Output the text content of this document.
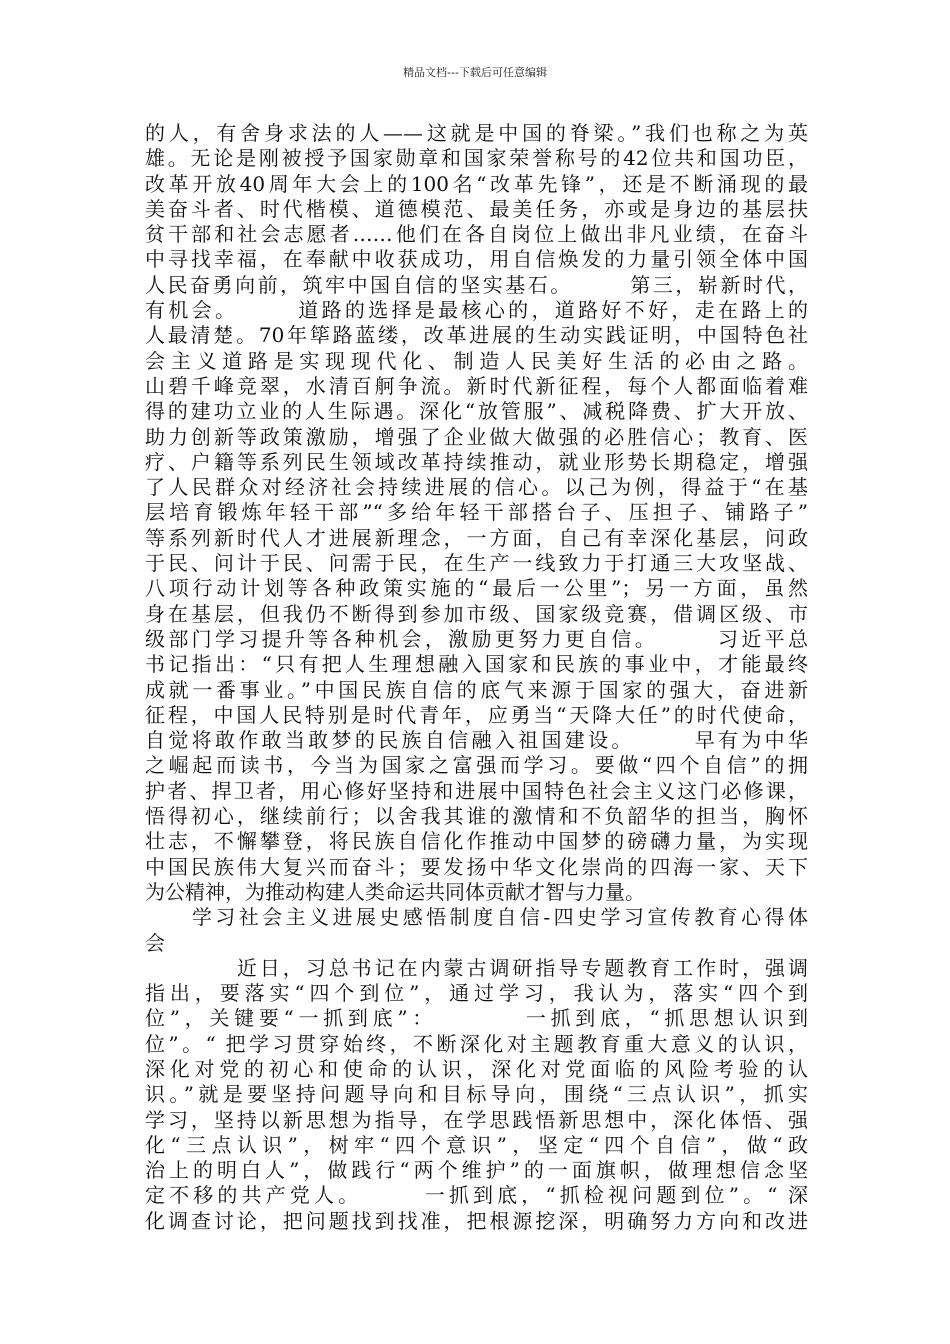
精品文档---下载后可任意编辑
的人，有舍身求法的人——这就是中国的脊梁。”我们也称之为英
雄。无论是刚被授予国家勋章和国家荣誉称号的42位共和国功臣，
改革开放40周年大会上的100名“改革先锋”，还是不断涌现的最
美奋斗者、时代楷模、道德模范、最美任务，亦或是身边的基层扶
贫干部和社会志愿者……他们在各自岗位上做出非凡业绩，在奋斗
中寻找幸福，在奉献中收获成功，用自信焕发的力量引领全体中国
人民奋勇向前，筑牢中国自信的坚实基石。　　　第三，崭新时代，
有机会。　　　道路的选择是最核心的，道路好不好，走在路上的
人最清楚。70年筚路蓝缕，改革进展的生动实践证明，中国特色社
会主义道路是实现现代化、制造人民美好生活的必由之路。
山碧千峰竞翠，水清百舸争流。新时代新征程，每个人都面临着难
得的建功立业的人生际遇。深化“放管服”、减税降费、扩大开放、
助力创新等政策激励，增强了企业做大做强的必胜信心；教育、医
疗、户籍等系列民生领域改革持续推动，就业形势长期稳定，增强
了人民群众对经济社会持续进展的信心。以己为例，得益于“在基
层培育锻炼年轻干部”“多给年轻干部搭台子、压担子、铺路子”
等系列新时代人才进展新理念，一方面，自己有幸深化基层，问政
于民、问计于民、问需于民，在生产一线致力于打通三大攻坚战、
八项行动计划等各种政策实施的“最后一公里”；另一方面，虽然
身在基层，但我仍不断得到参加市级、国家级竞赛，借调区级、市
级部门学习提升等各种机会，激励更努力更自信。　　　习近平总
书记指出：“只有把人生理想融入国家和民族的事业中，才能最终
成就一番事业。”中国民族自信的底气来源于国家的强大，奋进新
征程，中国人民特别是时代青年，应勇当“天降大任”的时代使命，
自觉将敢作敢当敢梦的民族自信融入祖国建设。　　　早有为中华
之崛起而读书，今当为国家之富强而学习。要做“四个自信”的拥
护者、捍卫者，用心修好坚持和进展中国特色社会主义这门必修课，
悟得初心，继续前行；以舍我其谁的激情和不负韶华的担当，胸怀
壮志，不懈攀登，将民族自信化作推动中国梦的磅礴力量，为实现
中国民族伟大复兴而奋斗；要发扬中华文化崇尚的四海一家、天下
为公精神，为推动构建人类命运共同体贡献才智与力量。
　　学习社会主义进展史感悟制度自信-四史学习宣传教育心得体
会
　　　　近日，习总书记在内蒙古调研指导专题教育工作时，强调
指出，要落实“四个到位”，通过学习，我认为，落实“四个到
位”，关键要“一抓到底”：　　　　一抓到底，“抓思想认识到
位”。“ 把学习贯穿始终，不断深化对主题教育重大意义的认识，
深化对党的初心和使命的认识，深化对党面临的风险考验的认
识。”就是要坚持问题导向和目标导向，围绕“三点认识”，抓实
学习，坚持以新思想为指导，在学思践悟新思想中，深化体悟、强
化“三点认识”，树牢“四个意识”，坚定“四个自信”，做“政
治上的明白人”，做践行“两个维护”的一面旗帜，做理想信念坚
定不移的共产党人。　　　一抓到底，“抓检视问题到位”。“ 深
化调查讨论，把问题找到找准，把根源挖深，明确努力方向和改进
